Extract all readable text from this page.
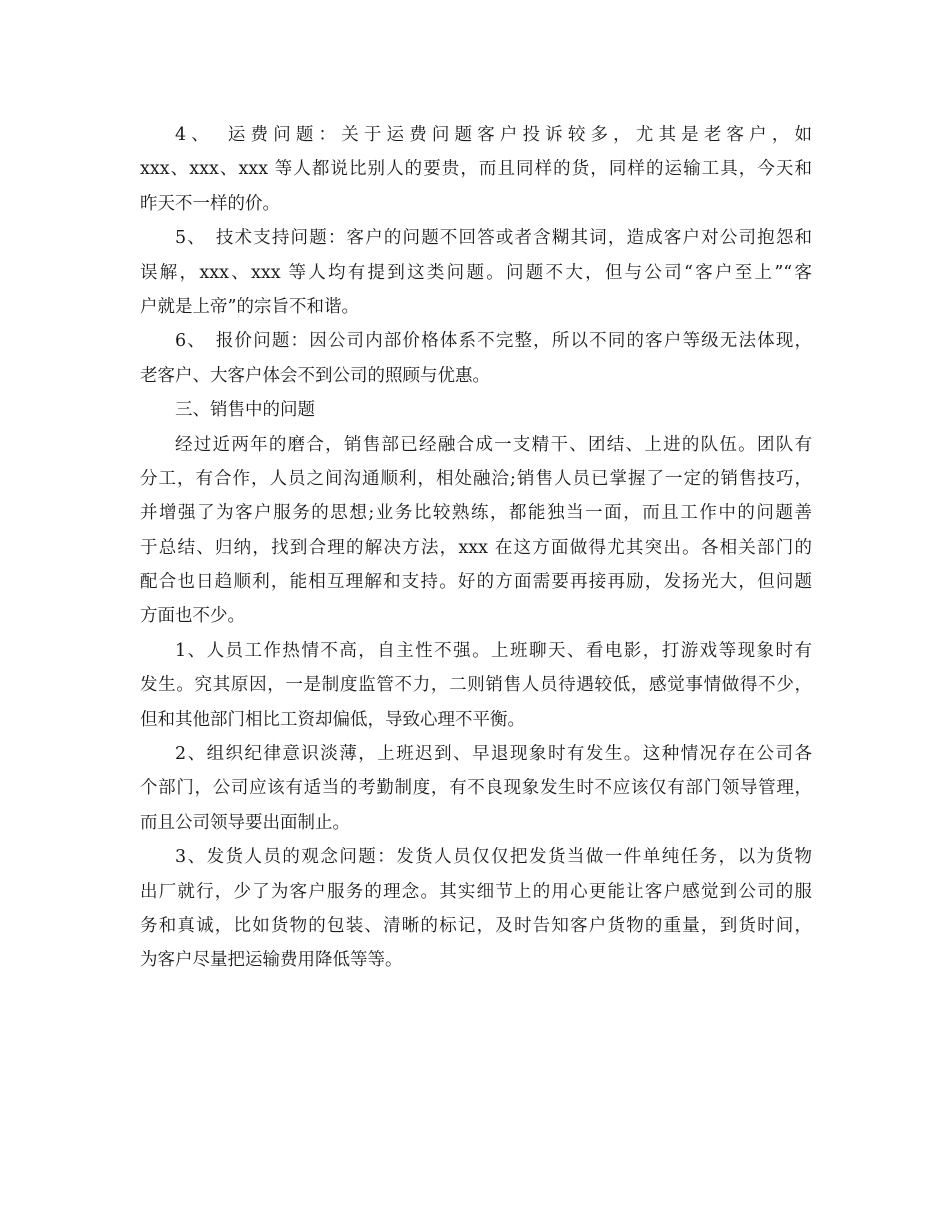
4、　运费问题：关于运费问题客户投诉较多，尤其是老客户，如
xxx、xxx、xxx 等人都说比别人的要贵，而且同样的货，同样的运输工具，今天和
昨天不一样的价。
5、　技术支持问题：客户的问题不回答或者含糊其词，造成客户对公司抱怨和
误解，xxx、xxx 等人均有提到这类问题。问题不大，但与公司“客户至上”“客
户就是上帝”的宗旨不和谐。
6、　报价问题：因公司内部价格体系不完整，所以不同的客户等级无法体现，
老客户、大客户体会不到公司的照顾与优惠。
三、销售中的问题
经过近两年的磨合，销售部已经融合成一支精干、团结、上进的队伍。团队有
分工，有合作，人员之间沟通顺利，相处融洽;销售人员已掌握了一定的销售技巧，
并增强了为客户服务的思想;业务比较熟练，都能独当一面，而且工作中的问题善
于总结、归纳，找到合理的解决方法，xxx 在这方面做得尤其突出。各相关部门的
配合也日趋顺利，能相互理解和支持。好的方面需要再接再励，发扬光大，但问题
方面也不少。
1、人员工作热情不高，自主性不强。上班聊天、看电影，打游戏等现象时有
发生。究其原因，一是制度监管不力，二则销售人员待遇较低，感觉事情做得不少，
但和其他部门相比工资却偏低，导致心理不平衡。
2、组织纪律意识淡薄，上班迟到、早退现象时有发生。这种情况存在公司各
个部门，公司应该有适当的考勤制度，有不良现象发生时不应该仅有部门领导管理，
而且公司领导要出面制止。
3、发货人员的观念问题：发货人员仅仅把发货当做一件单纯任务，以为货物
出厂就行，少了为客户服务的理念。其实细节上的用心更能让客户感觉到公司的服
务和真诚，比如货物的包装、清晰的标记，及时告知客户货物的重量，到货时间，
为客户尽量把运输费用降低等等。
